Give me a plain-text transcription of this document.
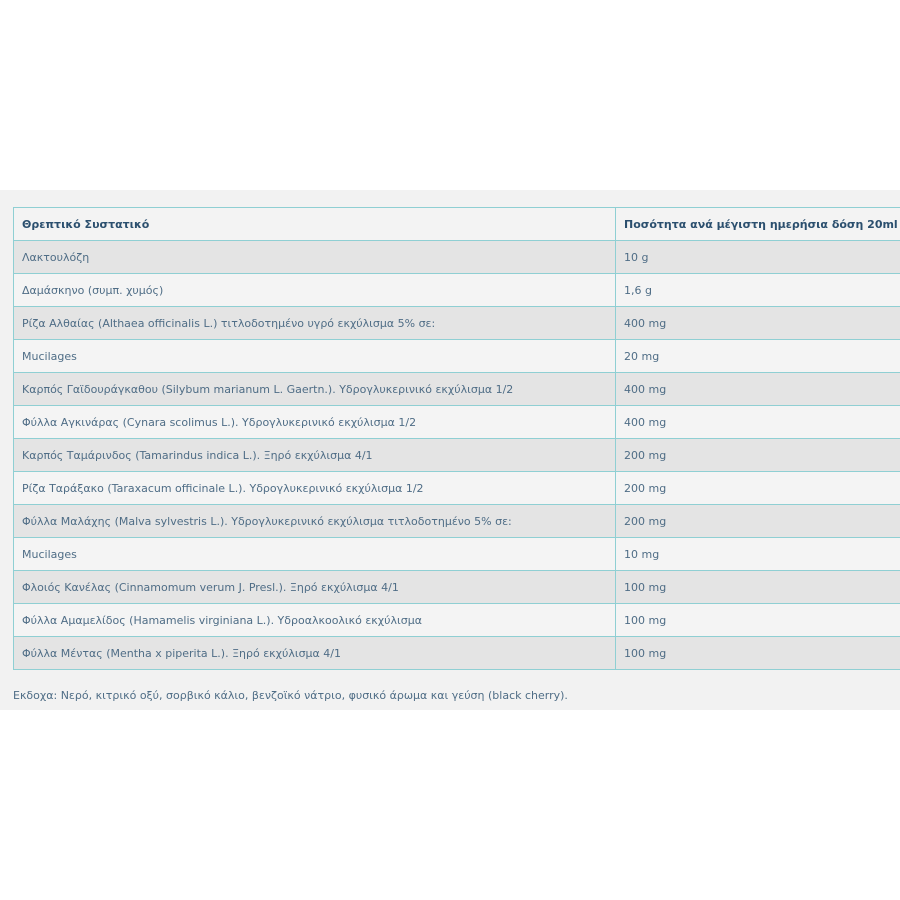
Θρεπτικό Συστατικό	Ποσότητα ανά μέγιστη ημερήσια δόση 20ml
Λακτουλόζη	10 g
Δαμάσκηνο (συμπ. χυμός)	1,6 g
Ρίζα Αλθαίας (Althaea officinalis L.) τιτλοδοτημένο υγρό εκχύλισμα 5% σε:	400 mg
Mucilages	20 mg
Καρπός Γαϊδουράγκαθου (Silybum marianum L. Gaertn.). Υδρογλυκερινικό εκχύλισμα 1/2	400 mg
Φύλλα Αγκινάρας (Cynara scolimus L.). Υδρογλυκερινικό εκχύλισμα 1/2	400 mg
Καρπός Ταμάρινδος (Tamarindus indica L.). Ξηρό εκχύλισμα 4/1	200 mg
Ρίζα Ταράξακο (Taraxacum officinale L.). Υδρογλυκερινικό εκχύλισμα 1/2	200 mg
Φύλλα Μαλάχης (Malva sylvestris L.). Υδρογλυκερινικό εκχύλισμα τιτλοδοτημένο 5% σε:	200 mg
Mucilages	10 mg
Φλοιός Κανέλας (Cinnamomum verum J. Presl.). Ξηρό εκχύλισμα 4/1	100 mg
Φύλλα Αμαμελίδος (Hamamelis virginiana L.). Υδροαλκοολικό εκχύλισμα	100 mg
Φύλλα Μέντας (Mentha x piperita L.). Ξηρό εκχύλισμα 4/1	100 mg
Εκδοχα: Νερό, κιτρικό οξύ, σορβικό κάλιο, βενζοϊκό νάτριο, φυσικό άρωμα και γεύση (black cherry).
